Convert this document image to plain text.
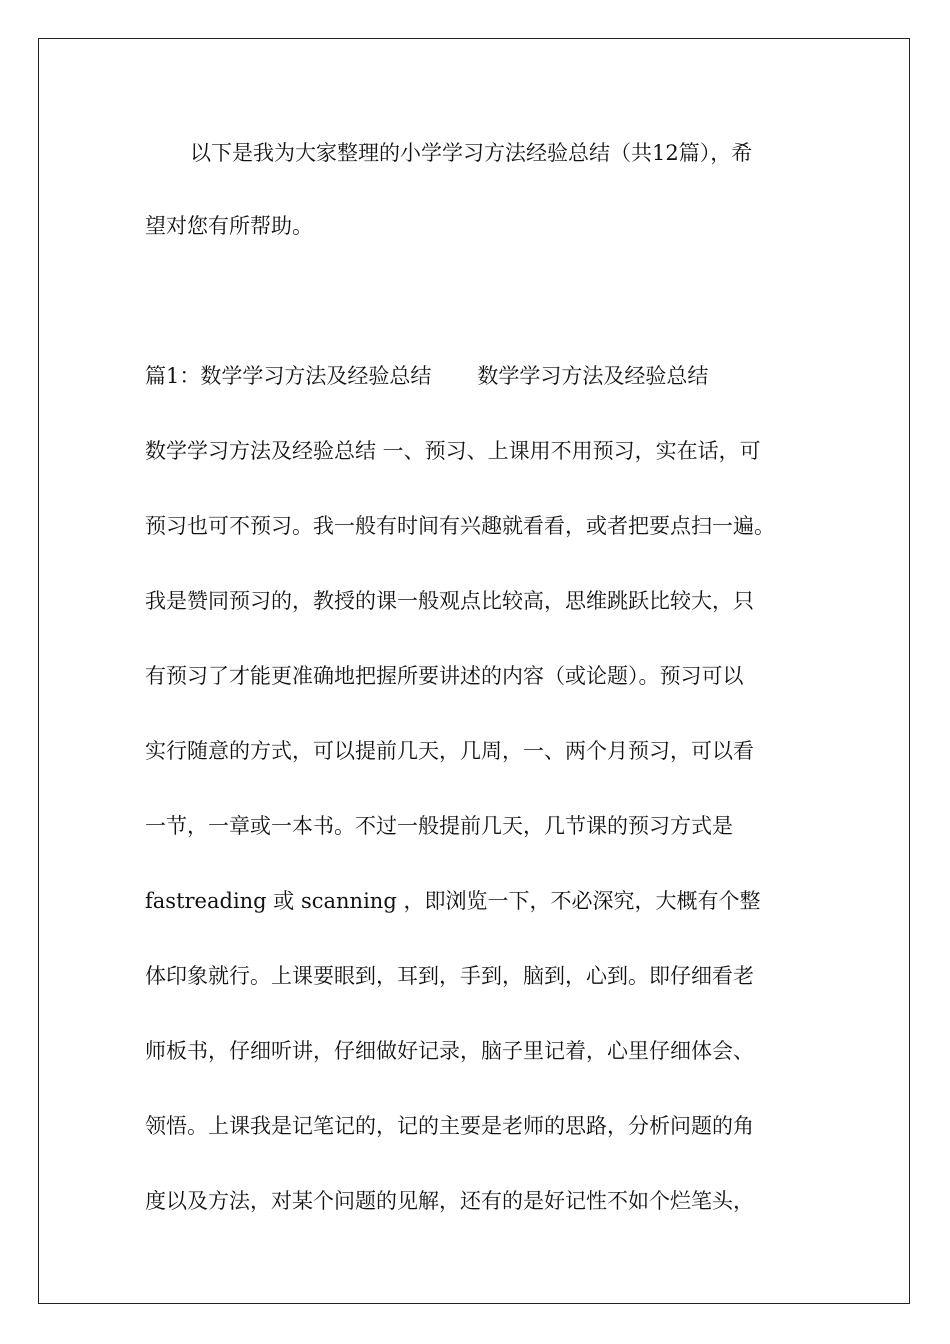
以下是我为大家整理的小学学习方法经验总结（共12篇），希
望对您有所帮助。
篇1：数学学习方法及经验总结 数学学习方法及经验总结
数学学习方法及经验总结 一、预习、上课用不用预习，实在话，可
预习也可不预习。我一般有时间有兴趣就看看，或者把要点扫一遍。
我是赞同预习的，教授的课一般观点比较高，思维跳跃比较大，只
有预习了才能更准确地把握所要讲述的内容（或论题）。预习可以
实行随意的方式，可以提前几天，几周，一、两个月预习，可以看
一节，一章或一本书。不过一般提前几天，几节课的预习方式是
fastreading 或 scanning ，即浏览一下，不必深究，大概有个整
体印象就行。上课要眼到，耳到，手到，脑到，心到。即仔细看老
师板书，仔细听讲，仔细做好记录，脑子里记着，心里仔细体会、
领悟。上课我是记笔记的，记的主要是老师的思路，分析问题的角
度以及方法，对某个问题的见解，还有的是好记性不如个烂笔头，
